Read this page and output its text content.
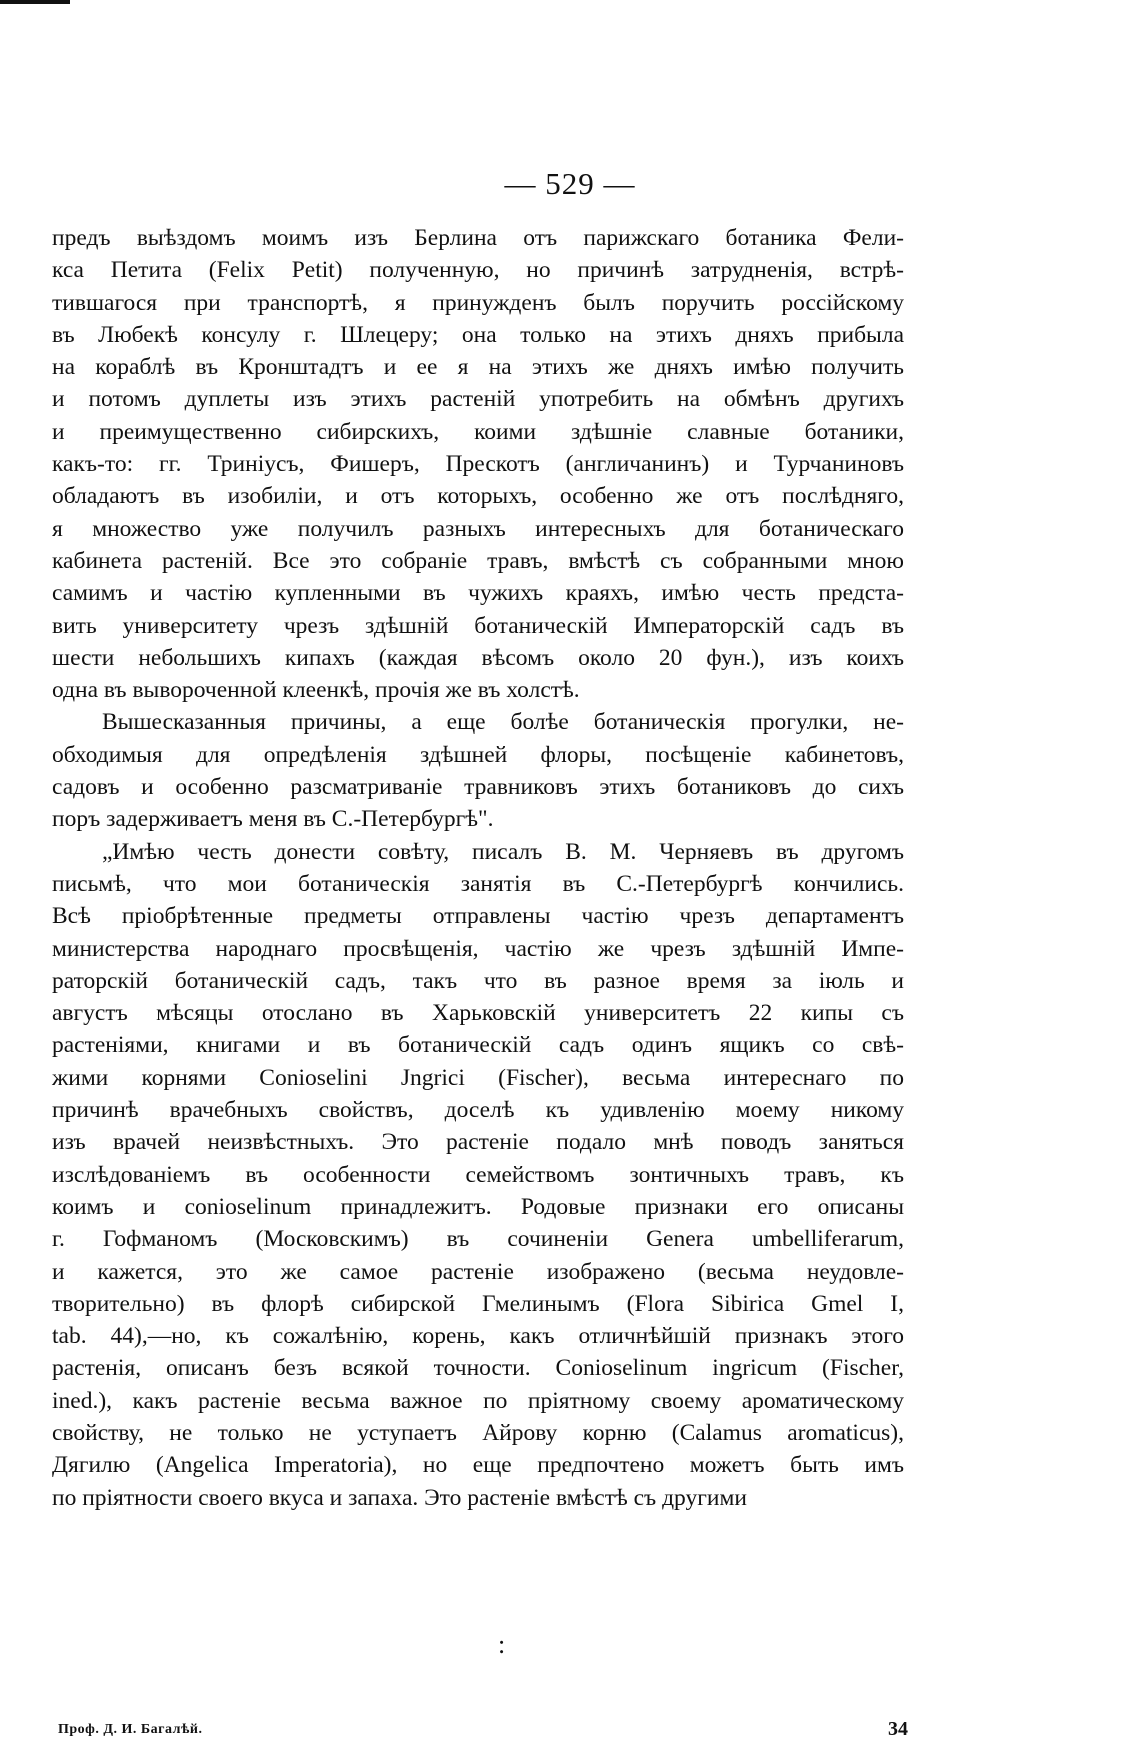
— 529 —

предъ выѣздомъ моимъ изъ Берлина отъ парижскаго ботаника Фели-
кса Петита (Felix Petit) полученную, но причинѣ затрудненія, встрѣ-
тившагося при транспортѣ, я принужденъ былъ поручить россійскому
въ Любекѣ консулу г. Шлецеру; она только на этихъ дняхъ прибыла
на кораблѣ въ Кронштадтъ и ее я на этихъ же дняхъ имѣю получить
и потомъ дуплеты изъ этихъ растеній употребить на обмѣнъ другихъ
и преимущественно сибирскихъ, коими здѣшніе славные ботаники,
какъ-то: гг. Триніусъ, Фишеръ, Прескотъ (англичанинъ) и Турчаниновъ
обладаютъ въ изобиліи, и отъ которыхъ, особенно же отъ послѣдняго,
я множество уже получилъ разныхъ интересныхъ для ботаническаго
кабинета растеній. Все это собраніе травъ, вмѣстѣ съ собранными мною
самимъ и частію купленными въ чужихъ краяхъ, имѣю честь предста-
вить университету чрезъ здѣшній ботаническій Императорскій садъ въ
шести небольшихъ кипахъ (каждая вѣсомъ около 20 фун.), изъ коихъ
одна въ вывороченной клеенкѣ, прочія же въ холстѣ.

Вышесказанныя причины, а еще болѣе ботаническія прогулки, не-
обходимыя для опредѣленія здѣшней флоры, посѣщеніе кабинетовъ,
садовъ и особенно разсматриваніе травниковъ этихъ ботаниковъ до сихъ
поръ задерживаетъ меня въ С.-Петербургѣ".

„Имѣю честь донести совѣту, писалъ В. М. Черняевъ въ другомъ
письмѣ, что мои ботаническія занятія въ С.-Петербургѣ кончились.
Всѣ пріобрѣтенные предметы отправлены частію чрезъ департаментъ
министерства народнаго просвѣщенія, частію же чрезъ здѣшній Импе-
раторскій ботаническій садъ, такъ что въ разное время за іюль и
августъ мѣсяцы отослано въ Харьковскій университетъ 22 кипы съ
растеніями, книгами и въ ботаническій садъ одинъ ящикъ со свѣ-
жими корнями Conioselini Jngrici (Fischer), весьма интереснаго по
причинѣ врачебныхъ свойствъ, доселѣ къ удивленію моему никому
изъ врачей неизвѣстныхъ. Это растеніе подало мнѣ поводъ заняться
изслѣдованіемъ въ особенности семействомъ зонтичныхъ травъ, къ
коимъ и conioselinum принадлежитъ. Родовые признаки его описаны
г. Гофманомъ (Московскимъ) въ сочиненіи Genera umbelliferarum,
и кажется, это же самое растеніе изображено (весьма неудовле-
творительно) въ флорѣ сибирской Гмелинымъ (Flora Sibirica Gmel I,
tab. 44),—но, къ сожалѣнію, корень, какъ отличнѣйшій признакъ этого
растенія, описанъ безъ всякой точности. Conioselinum ingricum (Fischer,
ined.), какъ растеніе весьма важное по пріятному своему ароматическому
свойству, не только не уступаетъ Айрову корню (Calamus aromaticus),
Дягилю (Angelica Imperatoria), но еще предпочтено можетъ быть имъ
по пріятности своего вкуса и запаха. Это растеніе вмѣстѣ съ другими

Проф. Д. И. Багалѣй.	34
:
